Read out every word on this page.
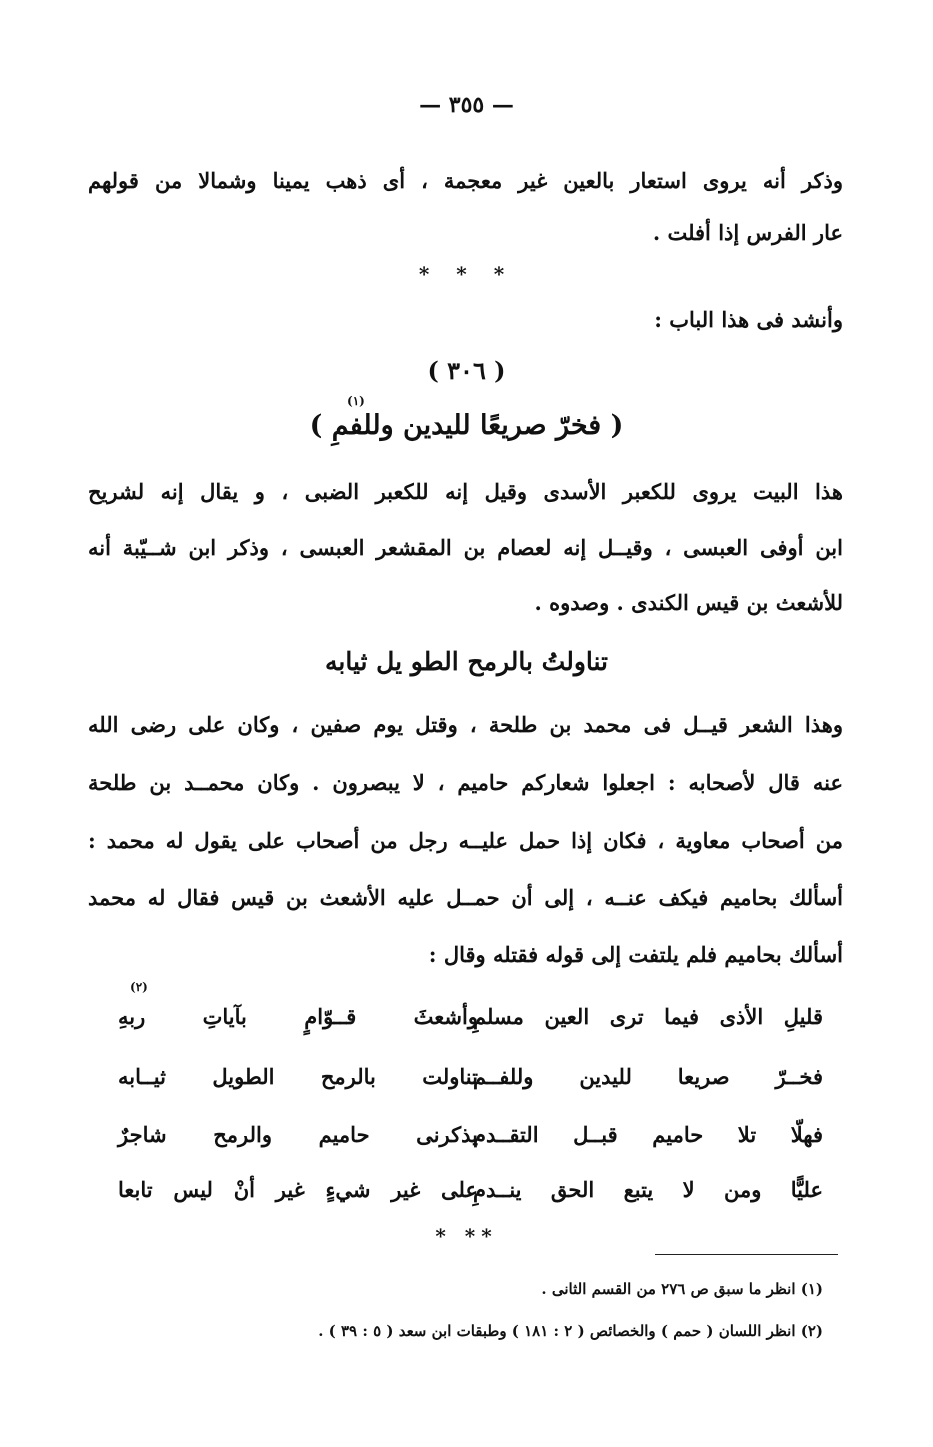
— ٣٥٥ —
وذكر أنه يروى استعار بالعين غير معجمة ، أى ذهب يمينا وشمالا من قولهم
عار الفرس إذا أفلت .
* * *
وأنشد فى هذا الباب :
( ٣٠٦ )
(١)
( فخرّ صريعًا لليدين وللفمِ )
هذا البيت يروى للكعبر الأسدى وقيل إنه للكعبر الضبى ، و يقال إنه لشريح
ابن أوفى العبسى ، وقيــل إنه لعصام بن المقشعر العبسى ، وذكر ابن شــيّبة أنه
للأشعث بن قيس الكندى . وصدوه .
تناولتُ بالرمح الطو يل ثيابه
وهذا الشعر قيــل فى محمد بن طلحة ، وقتل يوم صفين ، وكان على رضى الله
عنه قال لأصحابه : اجعلوا شعاركم حاميم ، لا يبصرون . وكان محمــد بن طلحة
من أصحاب معاوية ، فكان إذا حمل عليــه رجل من أصحاب على يقول له محمد :
أسألك بحاميم فيكف عنــه ، إلى أن حمــل عليه الأشعث بن قيس فقال له محمد
أسألك بحاميم فلم يلتفت إلى قوله فقتله وقال :
(٢)
وأشعثَ قــوّامٍ بآياتِ ربهِ
قليلِ الأذى فيما ترى العين مسلمِ
تناولت بالرمح الطويل ثيــابه
فخــرّ صريعا لليدين وللفــم
يذكرنى حاميم والرمح شاجرٌ
فهلّا تلا حاميم قبــل التقــدم
على غير شيءٍ غير أنْ ليس تابعا
عليًّا ومن لا يتبع الحق ينــدمِ
* **
(١) انظر ما سبق ص ٢٧٦ من القسم الثانى .
(٢) انظر اللسان ( حمم ) والخصائص ( ٢ : ١٨١ ) وطبقات ابن سعد ( ٥ : ٣٩ ) .
